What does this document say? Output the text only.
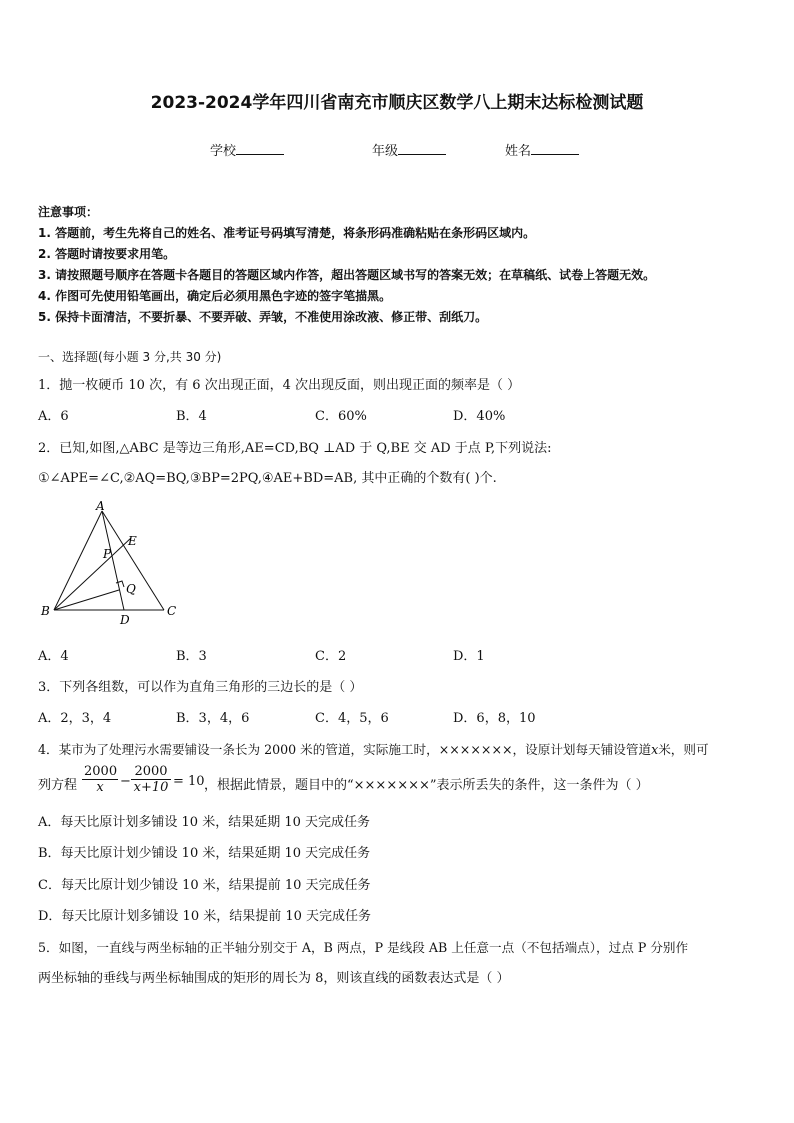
2023-2024学年四川省南充市顺庆区数学八上期末达标检测试题
学校	年级	姓名
注意事项：
1. 答题前，考生先将自己的姓名、准考证号码填写清楚，将条形码准确粘贴在条形码区域内。
2. 答题时请按要求用笔。
3. 请按照题号顺序在答题卡各题目的答题区域内作答，超出答题区域书写的答案无效；在草稿纸、试卷上答题无效。
4. 作图可先使用铅笔画出，确定后必须用黑色字迹的签字笔描黑。
5. 保持卡面清洁，不要折暴、不要弄破、弄皱，不准使用涂改液、修正带、刮纸刀。
一、选择题(每小题 3 分,共 30 分)
1．抛一枚硬币 10 次，有 6 次出现正面，4 次出现反面，则出现正面的频率是（ ）
A．6	B．4	C．60%	D．40%
2．已知,如图,△ABC 是等边三角形,AE=CD,BQ ⊥AD 于 Q,BE 交 AD 于点 P,下列说法:
①∠APE=∠C,②AQ=BQ,③BP=2PQ,④AE+BD=AB, 其中正确的个数有( )个.
A
E
P
Q
B	C
D
A．4	B．3	C．2	D．1
3．下列各组数，可以作为直角三角形的三边长的是（ ）
A．2，3，4	B．3，4，6	C．4，5，6	D．6，8，10
4．某市为了处理污水需要铺设一条长为 2000 米的管道，实际施工时，×××××××，设原计划每天铺设管道x米，则可
列方程 $\frac{2000}{x} - \frac{2000}{x+10} = 10$ ，根据此情景，题目中的“×××××××”表示所丢失的条件，这一条件为（ ）
A．每天比原计划多铺设 10 米，结果延期 10 天完成任务
B．每天比原计划少铺设 10 米，结果延期 10 天完成任务
C．每天比原计划少铺设 10 米，结果提前 10 天完成任务
D．每天比原计划多铺设 10 米，结果提前 10 天完成任务
5．如图，一直线与两坐标轴的正半轴分别交于 A，B 两点，P 是线段 AB 上任意一点（不包括端点），过点 P 分别作
两坐标轴的垂线与两坐标轴围成的矩形的周长为 8，则该直线的函数表达式是（ ）
